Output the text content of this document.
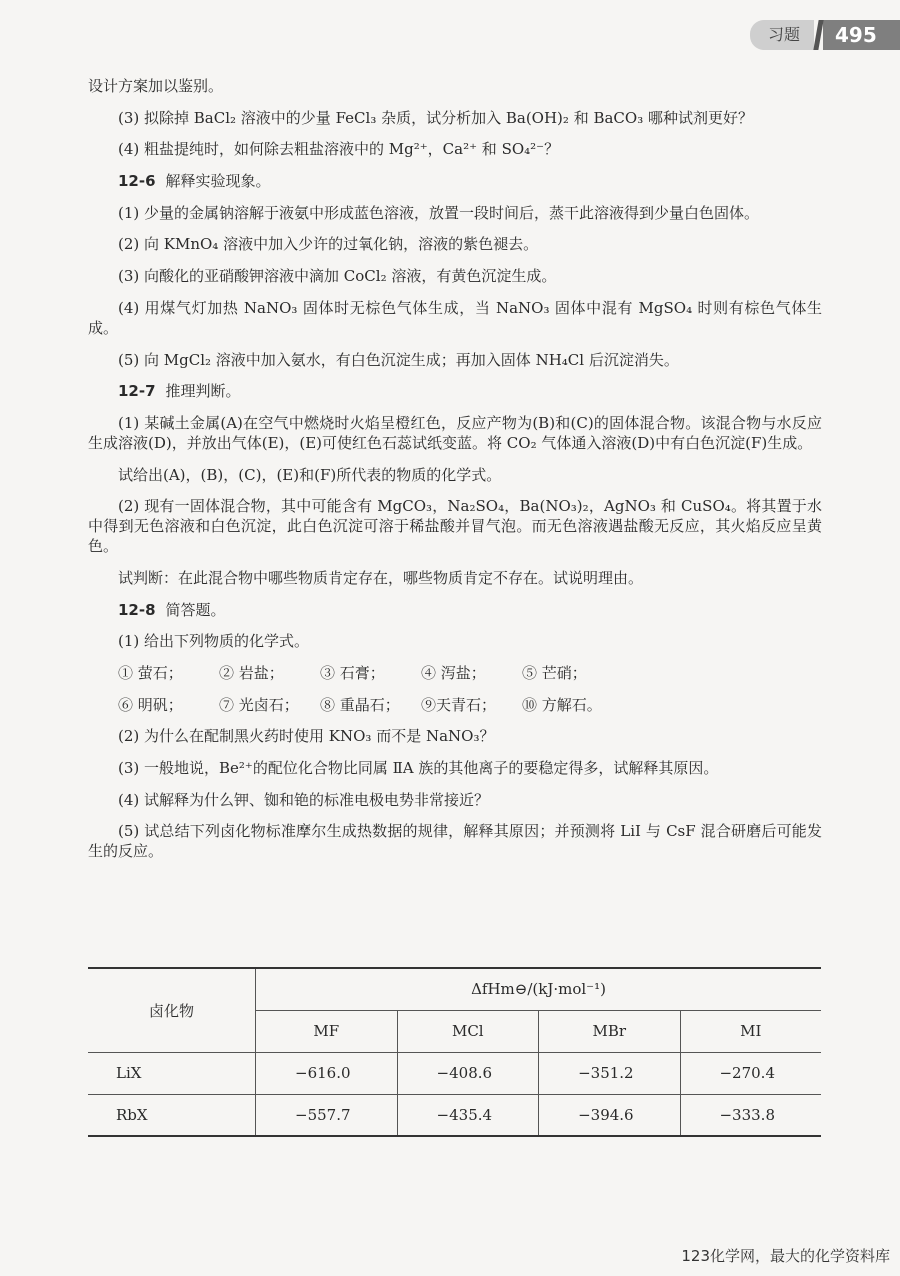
习题	495

设计方案加以鉴别。

(3) 拟除掉 BaCl₂ 溶液中的少量 FeCl₃ 杂质，试分析加入 Ba(OH)₂ 和 BaCO₃ 哪种试剂更好？

(4) 粗盐提纯时，如何除去粗盐溶液中的 Mg²⁺，Ca²⁺ 和 SO₄²⁻？

12-6 解释实验现象。

(1) 少量的金属钠溶解于液氨中形成蓝色溶液，放置一段时间后，蒸干此溶液得到少量白色固体。

(2) 向 KMnO₄ 溶液中加入少许的过氧化钠，溶液的紫色褪去。

(3) 向酸化的亚硝酸钾溶液中滴加 CoCl₂ 溶液，有黄色沉淀生成。

(4) 用煤气灯加热 NaNO₃ 固体时无棕色气体生成，当 NaNO₃ 固体中混有 MgSO₄ 时则有棕色气体生成。

(5) 向 MgCl₂ 溶液中加入氨水，有白色沉淀生成；再加入固体 NH₄Cl 后沉淀消失。

12-7 推理判断。

(1) 某碱土金属(A)在空气中燃烧时火焰呈橙红色，反应产物为(B)和(C)的固体混合物。该混合物与水反应生成溶液(D)，并放出气体(E)，(E)可使红色石蕊试纸变蓝。将 CO₂ 气体通入溶液(D)中有白色沉淀(F)生成。

试给出(A)，(B)，(C)，(E)和(F)所代表的物质的化学式。

(2) 现有一固体混合物，其中可能含有 MgCO₃，Na₂SO₄，Ba(NO₃)₂，AgNO₃ 和 CuSO₄。将其置于水中得到无色溶液和白色沉淀，此白色沉淀可溶于稀盐酸并冒气泡。而无色溶液遇盐酸无反应，其火焰反应呈黄色。

试判断：在此混合物中哪些物质肯定存在，哪些物质肯定不存在。试说明理由。

12-8 简答题。

(1) 给出下列物质的化学式。

① 萤石；	② 岩盐；	③ 石膏；	④ 泻盐；	⑤ 芒硝；
⑥ 明矾；	⑦ 光卤石；	⑧ 重晶石；	⑨天青石；	⑩ 方解石。

(2) 为什么在配制黑火药时使用 KNO₃ 而不是 NaNO₃？

(3) 一般地说，Be²⁺的配位化合物比同属 ⅡA 族的其他离子的要稳定得多，试解释其原因。

(4) 试解释为什么钾、铷和铯的标准电极电势非常接近？

(5) 试总结下列卤化物标准摩尔生成热数据的规律，解释其原因；并预测将 LiI 与 CsF 混合研磨后可能发生的反应。

卤化物	ΔfHm⊖/(kJ·mol⁻¹)			
	MF	MCl	MBr	MI
LiX	−616.0	−408.6	−351.2	−270.4
RbX	−557.7	−435.4	−394.6	−333.8
123化学网，最大的化学资料库
